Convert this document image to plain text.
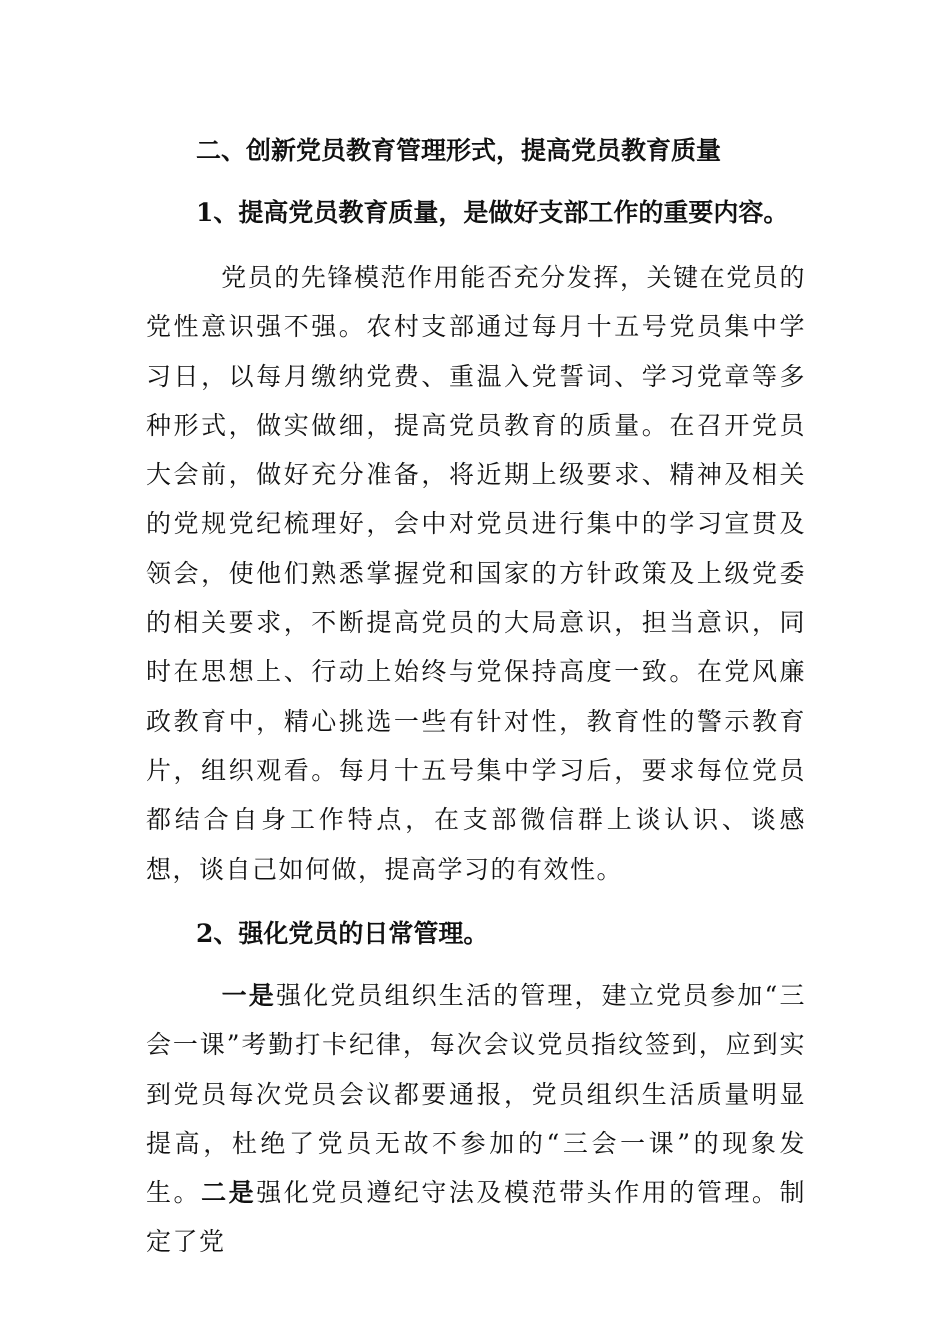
二、创新党员教育管理形式，提高党员教育质量
1、提高党员教育质量，是做好支部工作的重要内容。

党员的先锋模范作用能否充分发挥，关键在党员的党性意识强不强。农村支部通过每月十五号党员集中学习日，以每月缴纳党费、重温入党誓词、学习党章等多种形式，做实做细，提高党员教育的质量。在召开党员大会前，做好充分准备，将近期上级要求、精神及相关的党规党纪梳理好，会中对党员进行集中的学习宣贯及领会，使他们熟悉掌握党和国家的方针政策及上级党委的相关要求，不断提高党员的大局意识，担当意识，同时在思想上、行动上始终与党保持高度一致。在党风廉政教育中，精心挑选一些有针对性，教育性的警示教育片，组织观看。每月十五号集中学习后，要求每位党员都结合自身工作特点，在支部微信群上谈认识、谈感想，谈自己如何做，提高学习的有效性。

2、强化党员的日常管理。

一是强化党员组织生活的管理，建立党员参加“三会一课”考勤打卡纪律，每次会议党员指纹签到，应到实到党员每次党员会议都要通报，党员组织生活质量明显提高，杜绝了党员无故不参加的“三会一课”的现象发生。二是强化党员遵纪守法及模范带头作用的管理。制定了党
